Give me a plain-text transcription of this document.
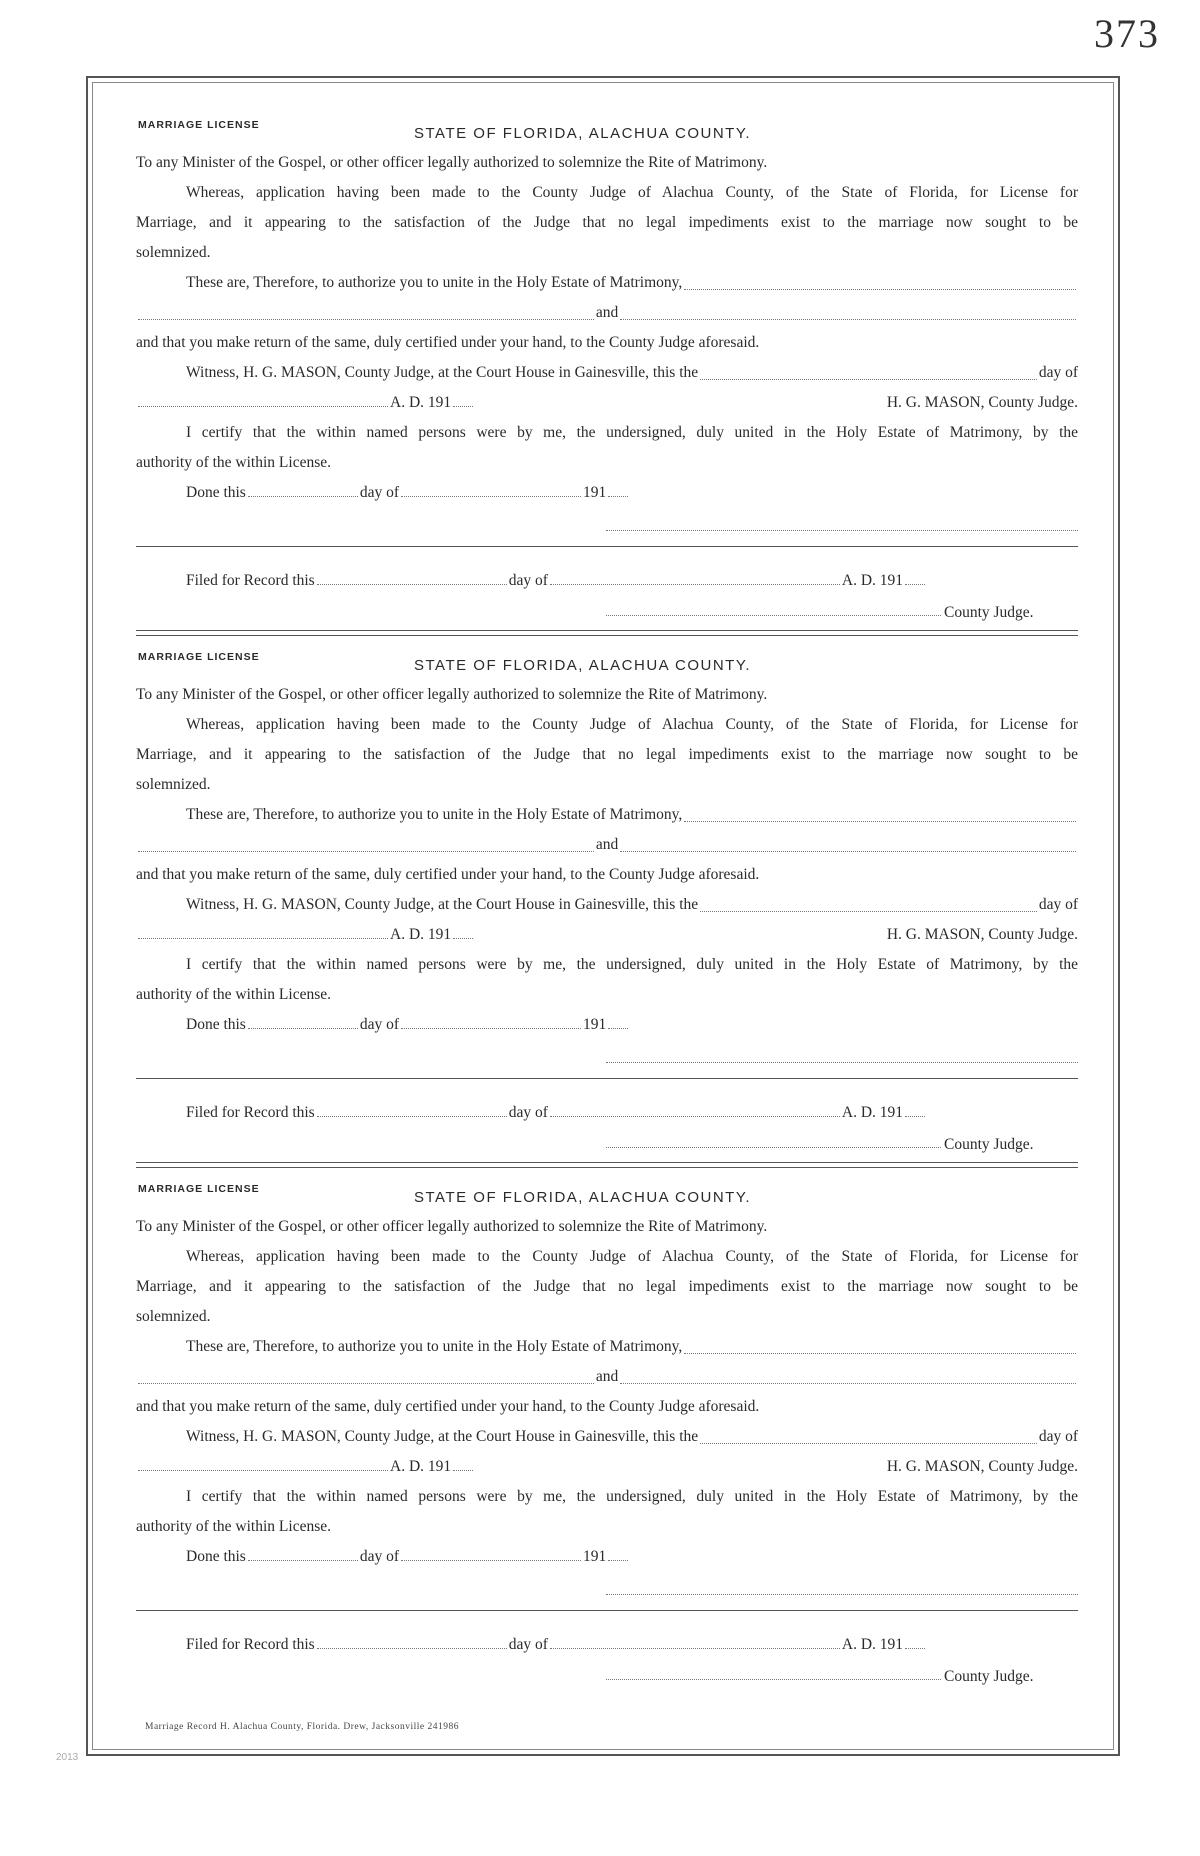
373
MARRIAGE LICENSE	STATE OF FLORIDA, ALACHUA COUNTY.
To any Minister of the Gospel, or other officer legally authorized to solemnize the Rite of Matrimony.
Whereas, application having been made to the County Judge of Alachua County, of the State of Florida, for License for
Marriage, and it appearing to the satisfaction of the Judge that no legal impediments exist to the marriage now sought to be
solemnized.
These are, Therefore, to authorize you to unite in the Holy Estate of Matrimony,
and
and that you make return of the same, duly certified under your hand, to the County Judge aforesaid.
Witness, H. G. MASON, County Judge, at the Court House in Gainesville, this the	day of
A. D. 191	H. G. MASON, County Judge.
I certify that the within named persons were by me, the undersigned, duly united in the Holy Estate of Matrimony, by the
authority of the within License.
Done this	day of	191
Filed for Record this	day of	A. D. 191
County Judge.
MARRIAGE LICENSE	STATE OF FLORIDA, ALACHUA COUNTY.
To any Minister of the Gospel, or other officer legally authorized to solemnize the Rite of Matrimony.
Whereas, application having been made to the County Judge of Alachua County, of the State of Florida, for License for
Marriage, and it appearing to the satisfaction of the Judge that no legal impediments exist to the marriage now sought to be
solemnized.
These are, Therefore, to authorize you to unite in the Holy Estate of Matrimony,
and
and that you make return of the same, duly certified under your hand, to the County Judge aforesaid.
Witness, H. G. MASON, County Judge, at the Court House in Gainesville, this the	day of
A. D. 191	H. G. MASON, County Judge.
I certify that the within named persons were by me, the undersigned, duly united in the Holy Estate of Matrimony, by the
authority of the within License.
Done this	day of	191
Filed for Record this	day of	A. D. 191
County Judge.
MARRIAGE LICENSE	STATE OF FLORIDA, ALACHUA COUNTY.
To any Minister of the Gospel, or other officer legally authorized to solemnize the Rite of Matrimony.
Whereas, application having been made to the County Judge of Alachua County, of the State of Florida, for License for
Marriage, and it appearing to the satisfaction of the Judge that no legal impediments exist to the marriage now sought to be
solemnized.
These are, Therefore, to authorize you to unite in the Holy Estate of Matrimony,
and
and that you make return of the same, duly certified under your hand, to the County Judge aforesaid.
Witness, H. G. MASON, County Judge, at the Court House in Gainesville, this the	day of
A. D. 191	H. G. MASON, County Judge.
I certify that the within named persons were by me, the undersigned, duly united in the Holy Estate of Matrimony, by the
authority of the within License.
Done this	day of	191
Filed for Record this	day of	A. D. 191
County Judge.
Marriage Record H. Alachua County, Florida. Drew, Jacksonville 241986
2013
